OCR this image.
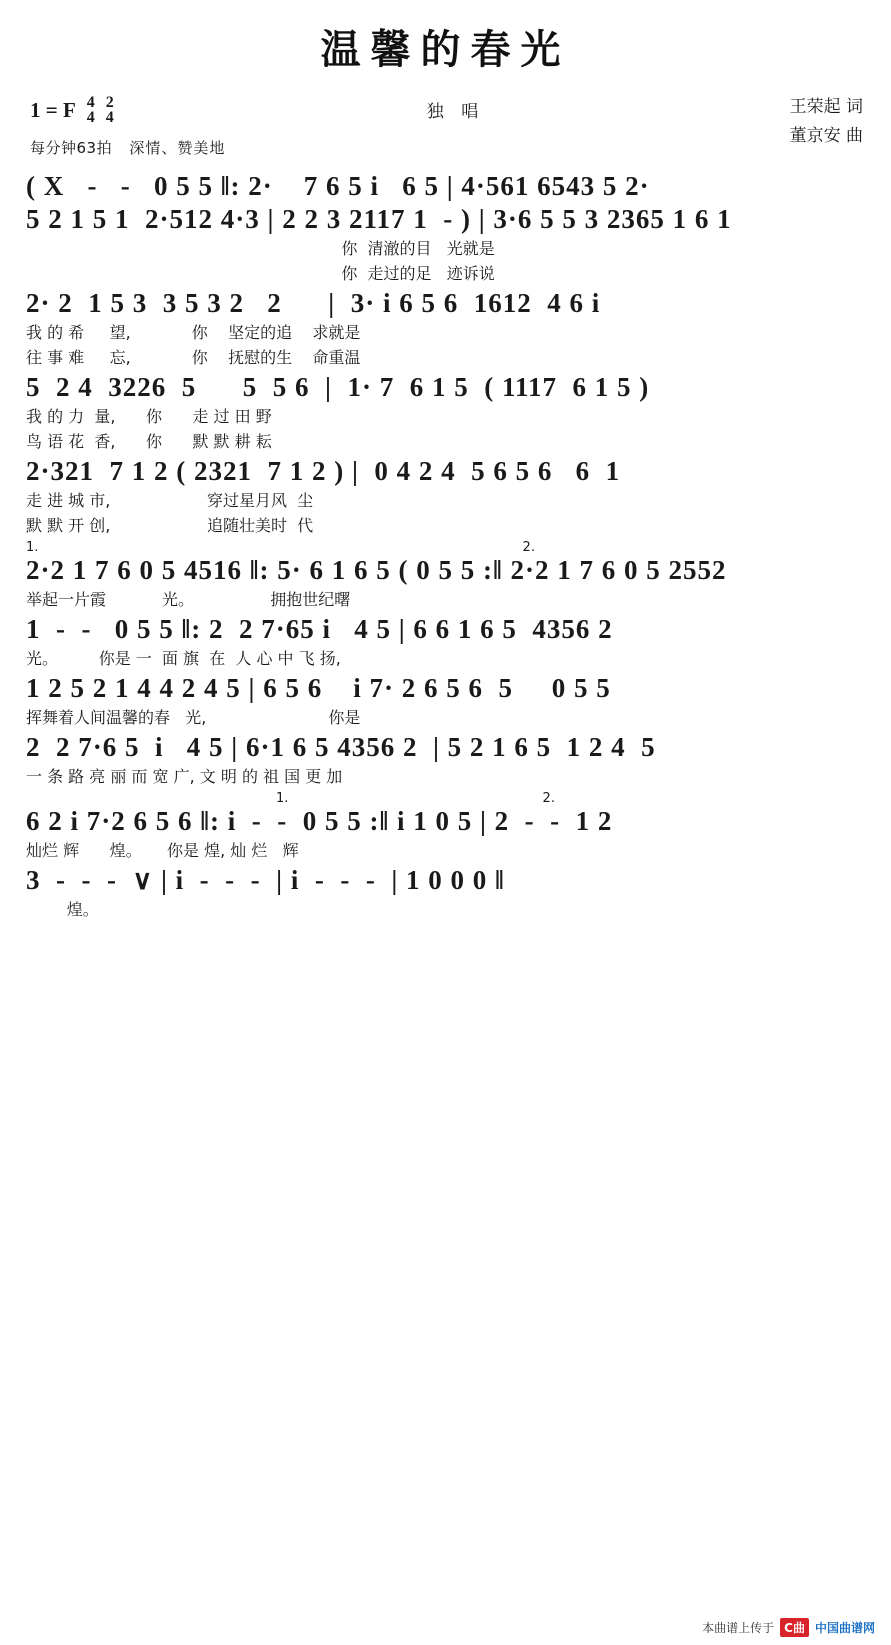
温馨的春光
1 = F 4
4
2
4
每分钟63拍 深情、赞美地
独 唱	王荣起 词
董京安 曲
( X   -   -   0 5 5 ‖: 2·    7 6 5 i   6 5 | 4·561 6543 5 2·
5 2 1 5 1  2·512 4·3 | 2 2 3 2117 1  - ) | 3·6 5 5 3 2365 1 6 1
你  清澈的目   光就是
你  走过的足   迹诉说
2· 2  1 5 3  3 5 3 2   2      |  3· i 6 5 6  1612  4 6 i
我 的 希     望,            你    坚定的追    求就是
往 事 难     忘,            你    抚慰的生    命重温
5  2 4  3226  5      5  5 6  |  1· 7  6 1 5  ( 1117  6 1 5 )
我 的 力  量,      你      走 过 田 野
鸟 语 花  香,      你      默 默 耕 耘
2·321  7 1 2 ( 2321  7 1 2 ) |  0 4 2 4  5 6 5 6   6  1
走 进 城 市,                   穿过星月风  尘
默 默 开 创,                   追随壮美时  代
1.	2.
2·2 1 7 6 0 5 4516 ‖: 5· 6 1 6 5 ( 0 5 5 :‖ 2·2 1 7 6 0 5 2552
举起一片霞           光。               拥抱世纪曙
1  -  -   0 5 5 ‖: 2  2 7·65 i   4 5 | 6 6 1 6 5  4356 2
光。        你是 一  面 旗  在  人 心 中 飞 扬,
1 2 5 2 1 4 4 2 4 5 | 6 5 6    i 7· 2 6 5 6  5     0 5 5
挥舞着人间温馨的春   光,                        你是
2  2 7·6 5  i   4 5 | 6·1 6 5 4356 2  | 5 2 1 6 5  1 2 4  5
一 条 路 亮 丽 而 宽 广, 文 明 的 祖 国 更 加
1.	2.
6 2 i 7·2 6 5 6 ‖: i  -  -  0 5 5 :‖ i 1 0 5 | 2  -  -  1 2
灿烂 辉      煌。     你是 煌, 灿 烂   辉
3  -  -  -  ∨ | i  -  -  -  | i  -  -  -  | 1 0 0 0 ‖
煌。
本曲谱上传于 C曲 中国曲谱网
